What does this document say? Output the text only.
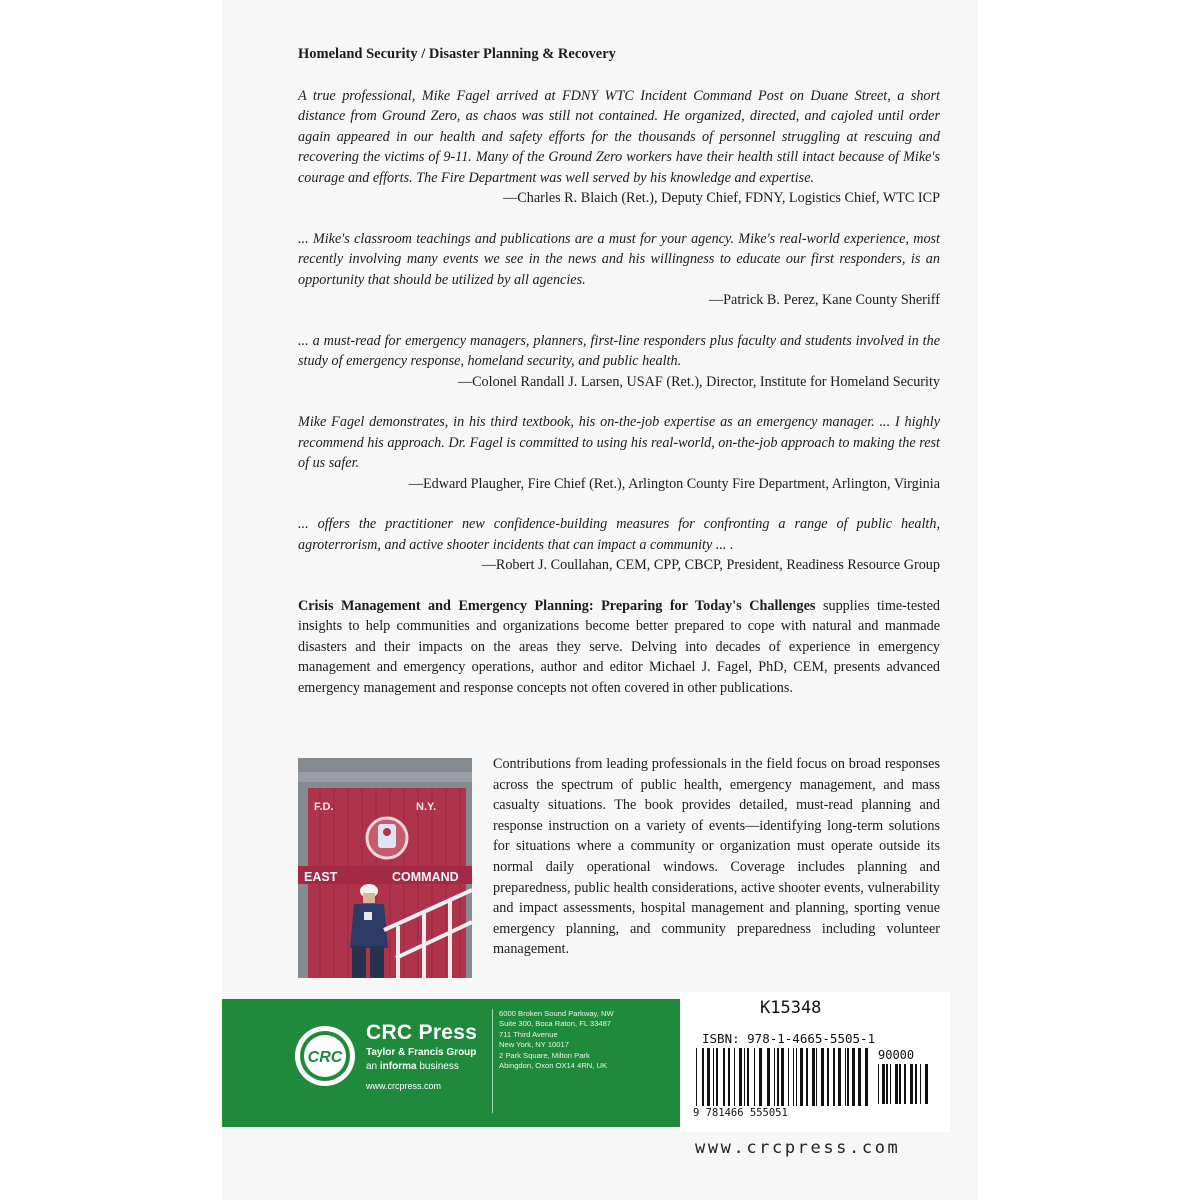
Homeland Security / Disaster Planning & Recovery

A true professional, Mike Fagel arrived at FDNY WTC Incident Command Post on Duane Street, a short distance from Ground Zero, as chaos was still not contained. He organized, directed, and cajoled until order again appeared in our health and safety efforts for the thousands of personnel struggling at rescuing and recovering the victims of 9-11. Many of the Ground Zero workers have their health still intact because of Mike's courage and efforts. The Fire Department was well served by his knowledge and expertise.

—Charles R. Blaich (Ret.), Deputy Chief, FDNY, Logistics Chief, WTC ICP

... Mike's classroom teachings and publications are a must for your agency. Mike's real-world experience, most recently involving many events we see in the news and his willingness to educate our first responders, is an opportunity that should be utilized by all agencies.

—Patrick B. Perez, Kane County Sheriff

... a must-read for emergency managers, planners, first-line responders plus faculty and students involved in the study of emergency response, homeland security, and public health.

—Colonel Randall J. Larsen, USAF (Ret.), Director, Institute for Homeland Security

Mike Fagel demonstrates, in his third textbook, his on-the-job expertise as an emergency manager. ... I highly recommend his approach. Dr. Fagel is committed to using his real-world, on-the-job approach to making the rest of us safer.

—Edward Plaugher, Fire Chief (Ret.), Arlington County Fire Department, Arlington, Virginia

... offers the practitioner new confidence-building measures for confronting a range of public health, agroterrorism, and active shooter incidents that can impact a community ... .

—Robert J. Coullahan, CEM, CPP, CBCP, President, Readiness Resource Group

Crisis Management and Emergency Planning: Preparing for Today's Challenges supplies time-tested insights to help communities and organizations become better prepared to cope with natural and manmade disasters and their impacts on the areas they serve. Delving into decades of experience in emergency management and emergency operations, author and editor Michael J. Fagel, PhD, CEM, presents advanced emergency management and response concepts not often covered in other publications.

F.D.	N.Y.
EAST	COMMAND

Contributions from leading professionals in the field focus on broad responses across the spectrum of public health, emergency management, and mass casualty situations. The book provides detailed, must-read planning and response instruction on a variety of events—identifying long-term solutions for situations where a community or organization must operate outside its normal daily operational windows. Coverage includes planning and preparedness, public health considerations, active shooter events, vulnerability and impact assessments, hospital management and planning, sporting venue emergency planning, and community preparedness including volunteer management.

CRC
CRC Press
Taylor & Francis Group
an informa business
www.crcpress.com
6000 Broken Sound Parkway, NW
Suite 300, Boca Raton, FL 33487
711 Third Avenue
New York, NY 10017
2 Park Square, Milton Park
Abingdon, Oxon OX14 4RN, UK
K15348
ISBN: 978-1-4665-5505-1
90000
9 781466 555051
www.crcpress.com
